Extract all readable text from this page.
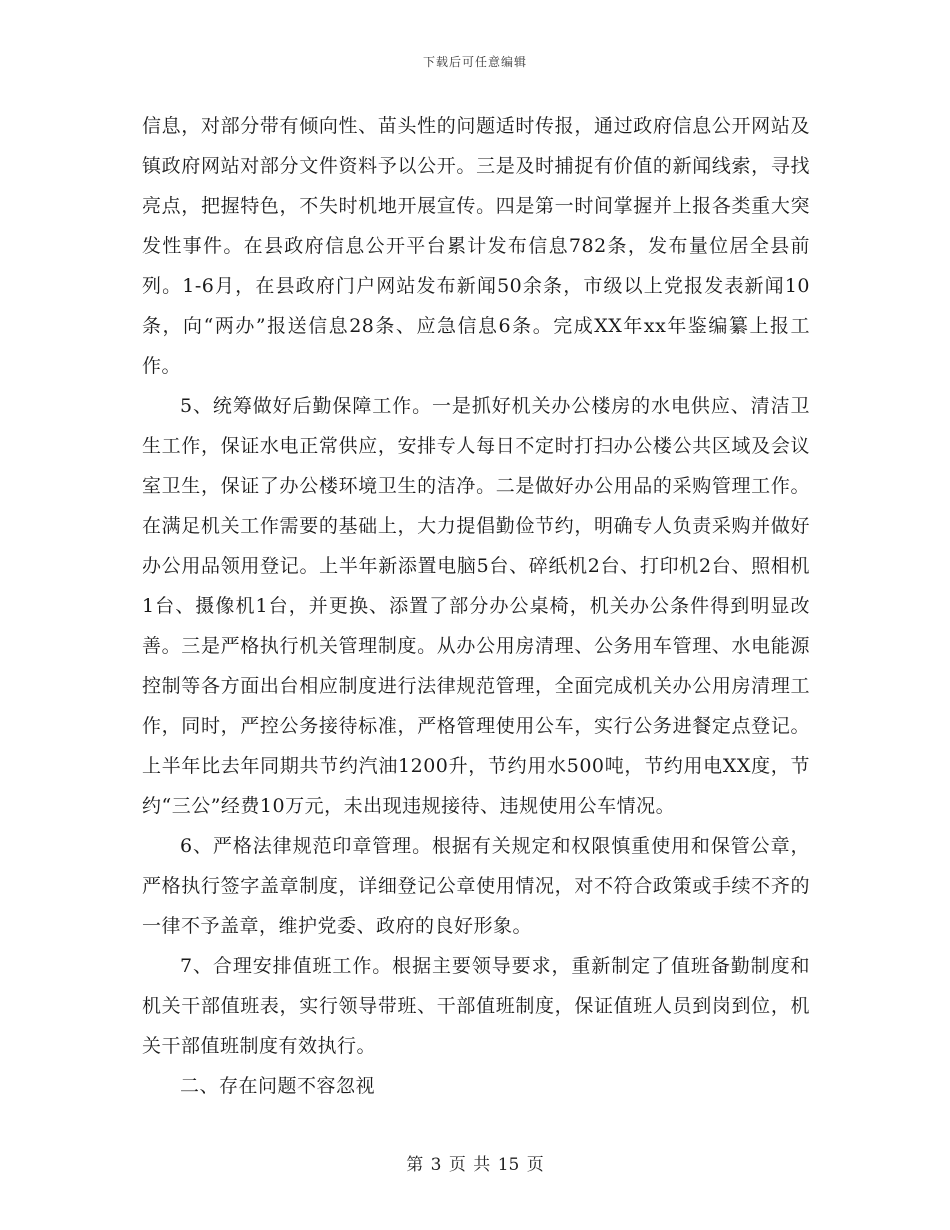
下载后可任意编辑

信息，对部分带有倾向性、苗头性的问题适时传报，通过政府信息公开网站及镇政府网站对部分文件资料予以公开。三是及时捕捉有价值的新闻线索，寻找亮点，把握特色，不失时机地开展宣传。四是第一时间掌握并上报各类重大突发性事件。在县政府信息公开平台累计发布信息782条，发布量位居全县前列。1-6月，在县政府门户网站发布新闻50余条，市级以上党报发表新闻10条，向“两办”报送信息28条、应急信息6条。完成XX年xx年鉴编纂上报工作。

5、统筹做好后勤保障工作。一是抓好机关办公楼房的水电供应、清洁卫生工作，保证水电正常供应，安排专人每日不定时打扫办公楼公共区域及会议室卫生，保证了办公楼环境卫生的洁净。二是做好办公用品的采购管理工作。在满足机关工作需要的基础上，大力提倡勤俭节约，明确专人负责采购并做好办公用品领用登记。上半年新添置电脑5台、碎纸机2台、打印机2台、照相机1台、摄像机1台，并更换、添置了部分办公桌椅，机关办公条件得到明显改善。三是严格执行机关管理制度。从办公用房清理、公务用车管理、水电能源控制等各方面出台相应制度进行法律规范管理，全面完成机关办公用房清理工作，同时，严控公务接待标准，严格管理使用公车，实行公务进餐定点登记。上半年比去年同期共节约汽油1200升，节约用水500吨，节约用电XX度，节约“三公”经费10万元，未出现违规接待、违规使用公车情况。

6、严格法律规范印章管理。根据有关规定和权限慎重使用和保管公章，严格执行签字盖章制度，详细登记公章使用情况，对不符合政策或手续不齐的一律不予盖章，维护党委、政府的良好形象。

7、合理安排值班工作。根据主要领导要求，重新制定了值班备勤制度和机关干部值班表，实行领导带班、干部值班制度，保证值班人员到岗到位，机关干部值班制度有效执行。

二、存在问题不容忽视

第 3 页 共 15 页
